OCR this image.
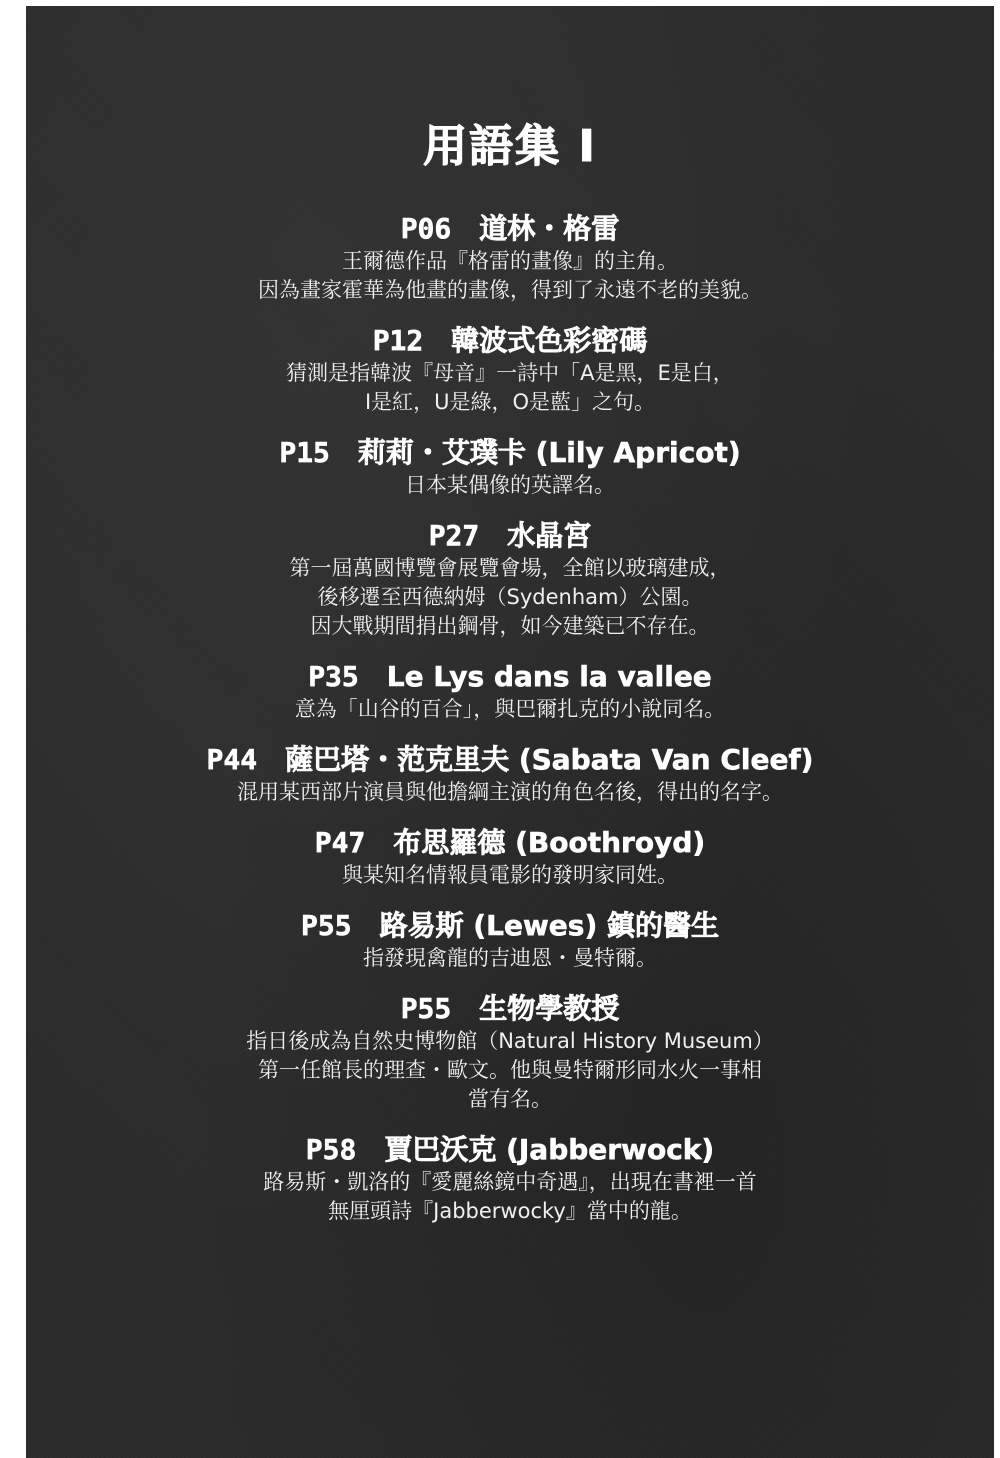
用語集 I
P06 道林・格雷
王爾德作品『格雷的畫像』的主角。
因為畫家霍華為他畫的畫像，得到了永遠不老的美貌。
P12 韓波式色彩密碼
猜測是指韓波『母音』一詩中「A是黑，E是白，
I是紅，U是綠，O是藍」之句。
P15 莉莉・艾璞卡 (Lily Apricot)
日本某偶像的英譯名。
P27 水晶宮
第一屆萬國博覽會展覽會場，全館以玻璃建成，
後移遷至西德納姆（Sydenham）公園。
因大戰期間捐出鋼骨，如今建築已不存在。
P35 Le Lys dans la vallee
意為「山谷的百合」，與巴爾扎克的小說同名。
P44 薩巴塔・范克里夫 (Sabata Van Cleef)
混用某西部片演員與他擔綱主演的角色名後，得出的名字。
P47 布思羅德 (Boothroyd)
與某知名情報員電影的發明家同姓。
P55 路易斯 (Lewes) 鎮的醫生
指發現禽龍的吉迪恩・曼特爾。
P55 生物學教授
指日後成為自然史博物館（Natural History Museum）
第一任館長的理查・歐文。他與曼特爾形同水火一事相
當有名。
P58 賈巴沃克 (Jabberwock)
路易斯・凱洛的『愛麗絲鏡中奇遇』，出現在書裡一首
無厘頭詩『Jabberwocky』當中的龍。
